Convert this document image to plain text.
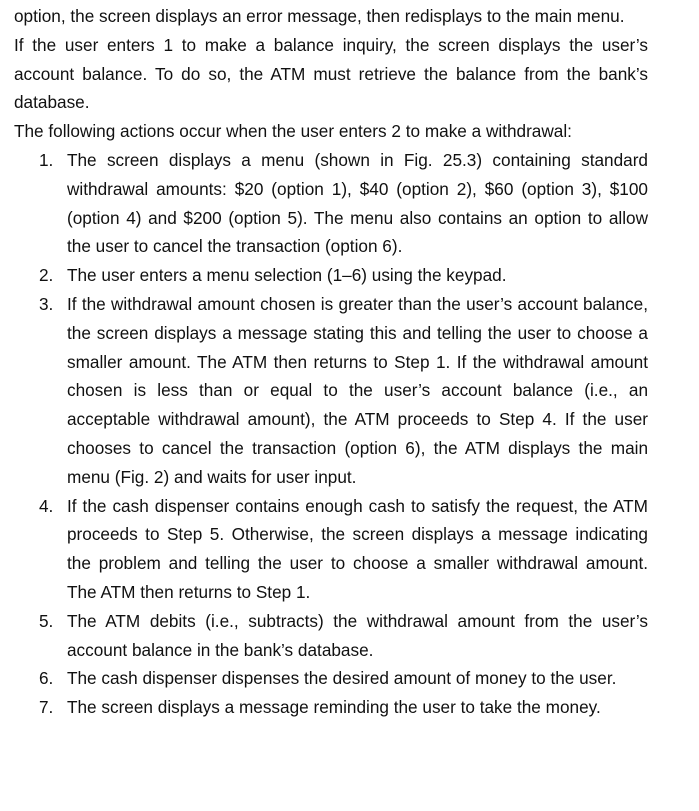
option, the screen displays an error message, then redisplays to the main menu.

If the user enters 1 to make a balance inquiry, the screen displays the user’s account balance. To do so, the ATM must retrieve the balance from the bank’s database.

The following actions occur when the user enters 2 to make a withdrawal:

1. The screen displays a menu (shown in Fig. 25.3) containing standard withdrawal amounts: $20 (option 1), $40 (option 2), $60 (option 3), $100 (option 4) and $200 (option 5). The menu also contains an option to allow the user to cancel the transaction (option 6).
2. The user enters a menu selection (1–6) using the keypad.
3. If the withdrawal amount chosen is greater than the user’s account balance, the screen displays a message stating this and telling the user to choose a smaller amount. The ATM then returns to Step 1. If the withdrawal amount chosen is less than or equal to the user’s account balance (i.e., an acceptable withdrawal amount), the ATM proceeds to Step 4. If the user chooses to cancel the transaction (option 6), the ATM displays the main menu (Fig. 2) and waits for user input.
4. If the cash dispenser contains enough cash to satisfy the request, the ATM proceeds to Step 5. Otherwise, the screen displays a message indicating the problem and telling the user to choose a smaller withdrawal amount. The ATM then returns to Step 1.
5. The ATM debits (i.e., subtracts) the withdrawal amount from the user’s account balance in the bank’s database.
6. The cash dispenser dispenses the desired amount of money to the user.
7. The screen displays a message reminding the user to take the money.
